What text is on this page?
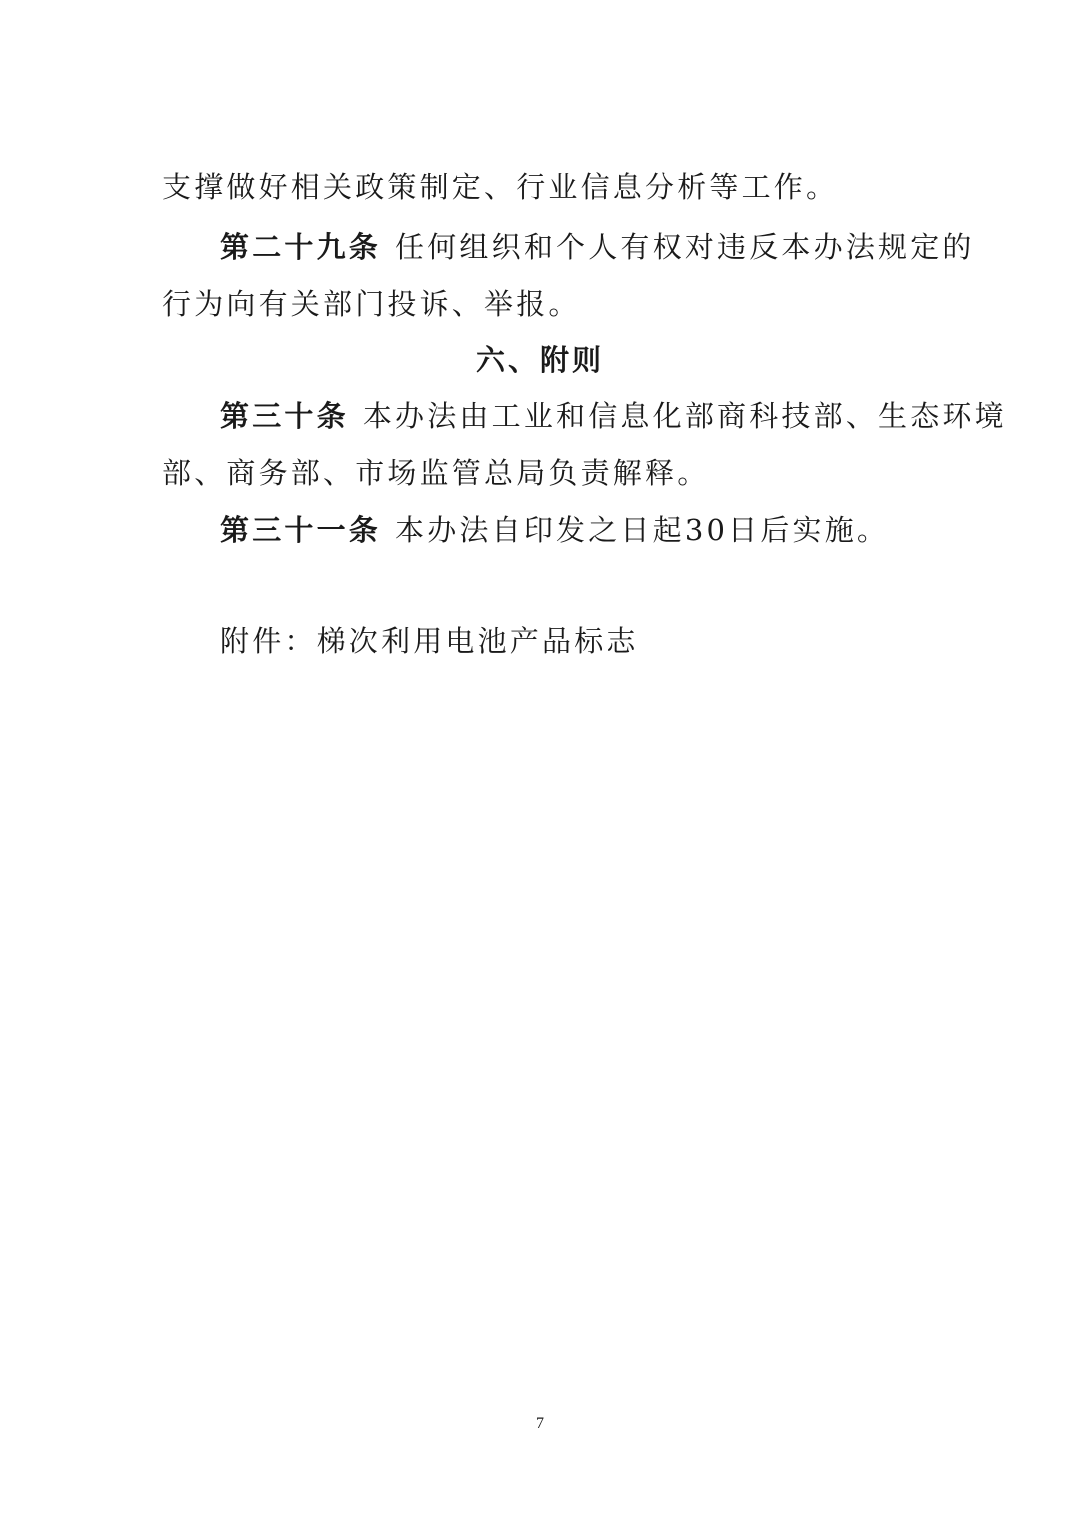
支撑做好相关政策制定、行业信息分析等工作。
第二十九条 任何组织和个人有权对违反本办法规定的
行为向有关部门投诉、举报。
六、附则
第三十条 本办法由工业和信息化部商科技部、生态环境
部、商务部、市场监管总局负责解释。
第三十一条 本办法自印发之日起30日后实施。
附件：梯次利用电池产品标志
7
